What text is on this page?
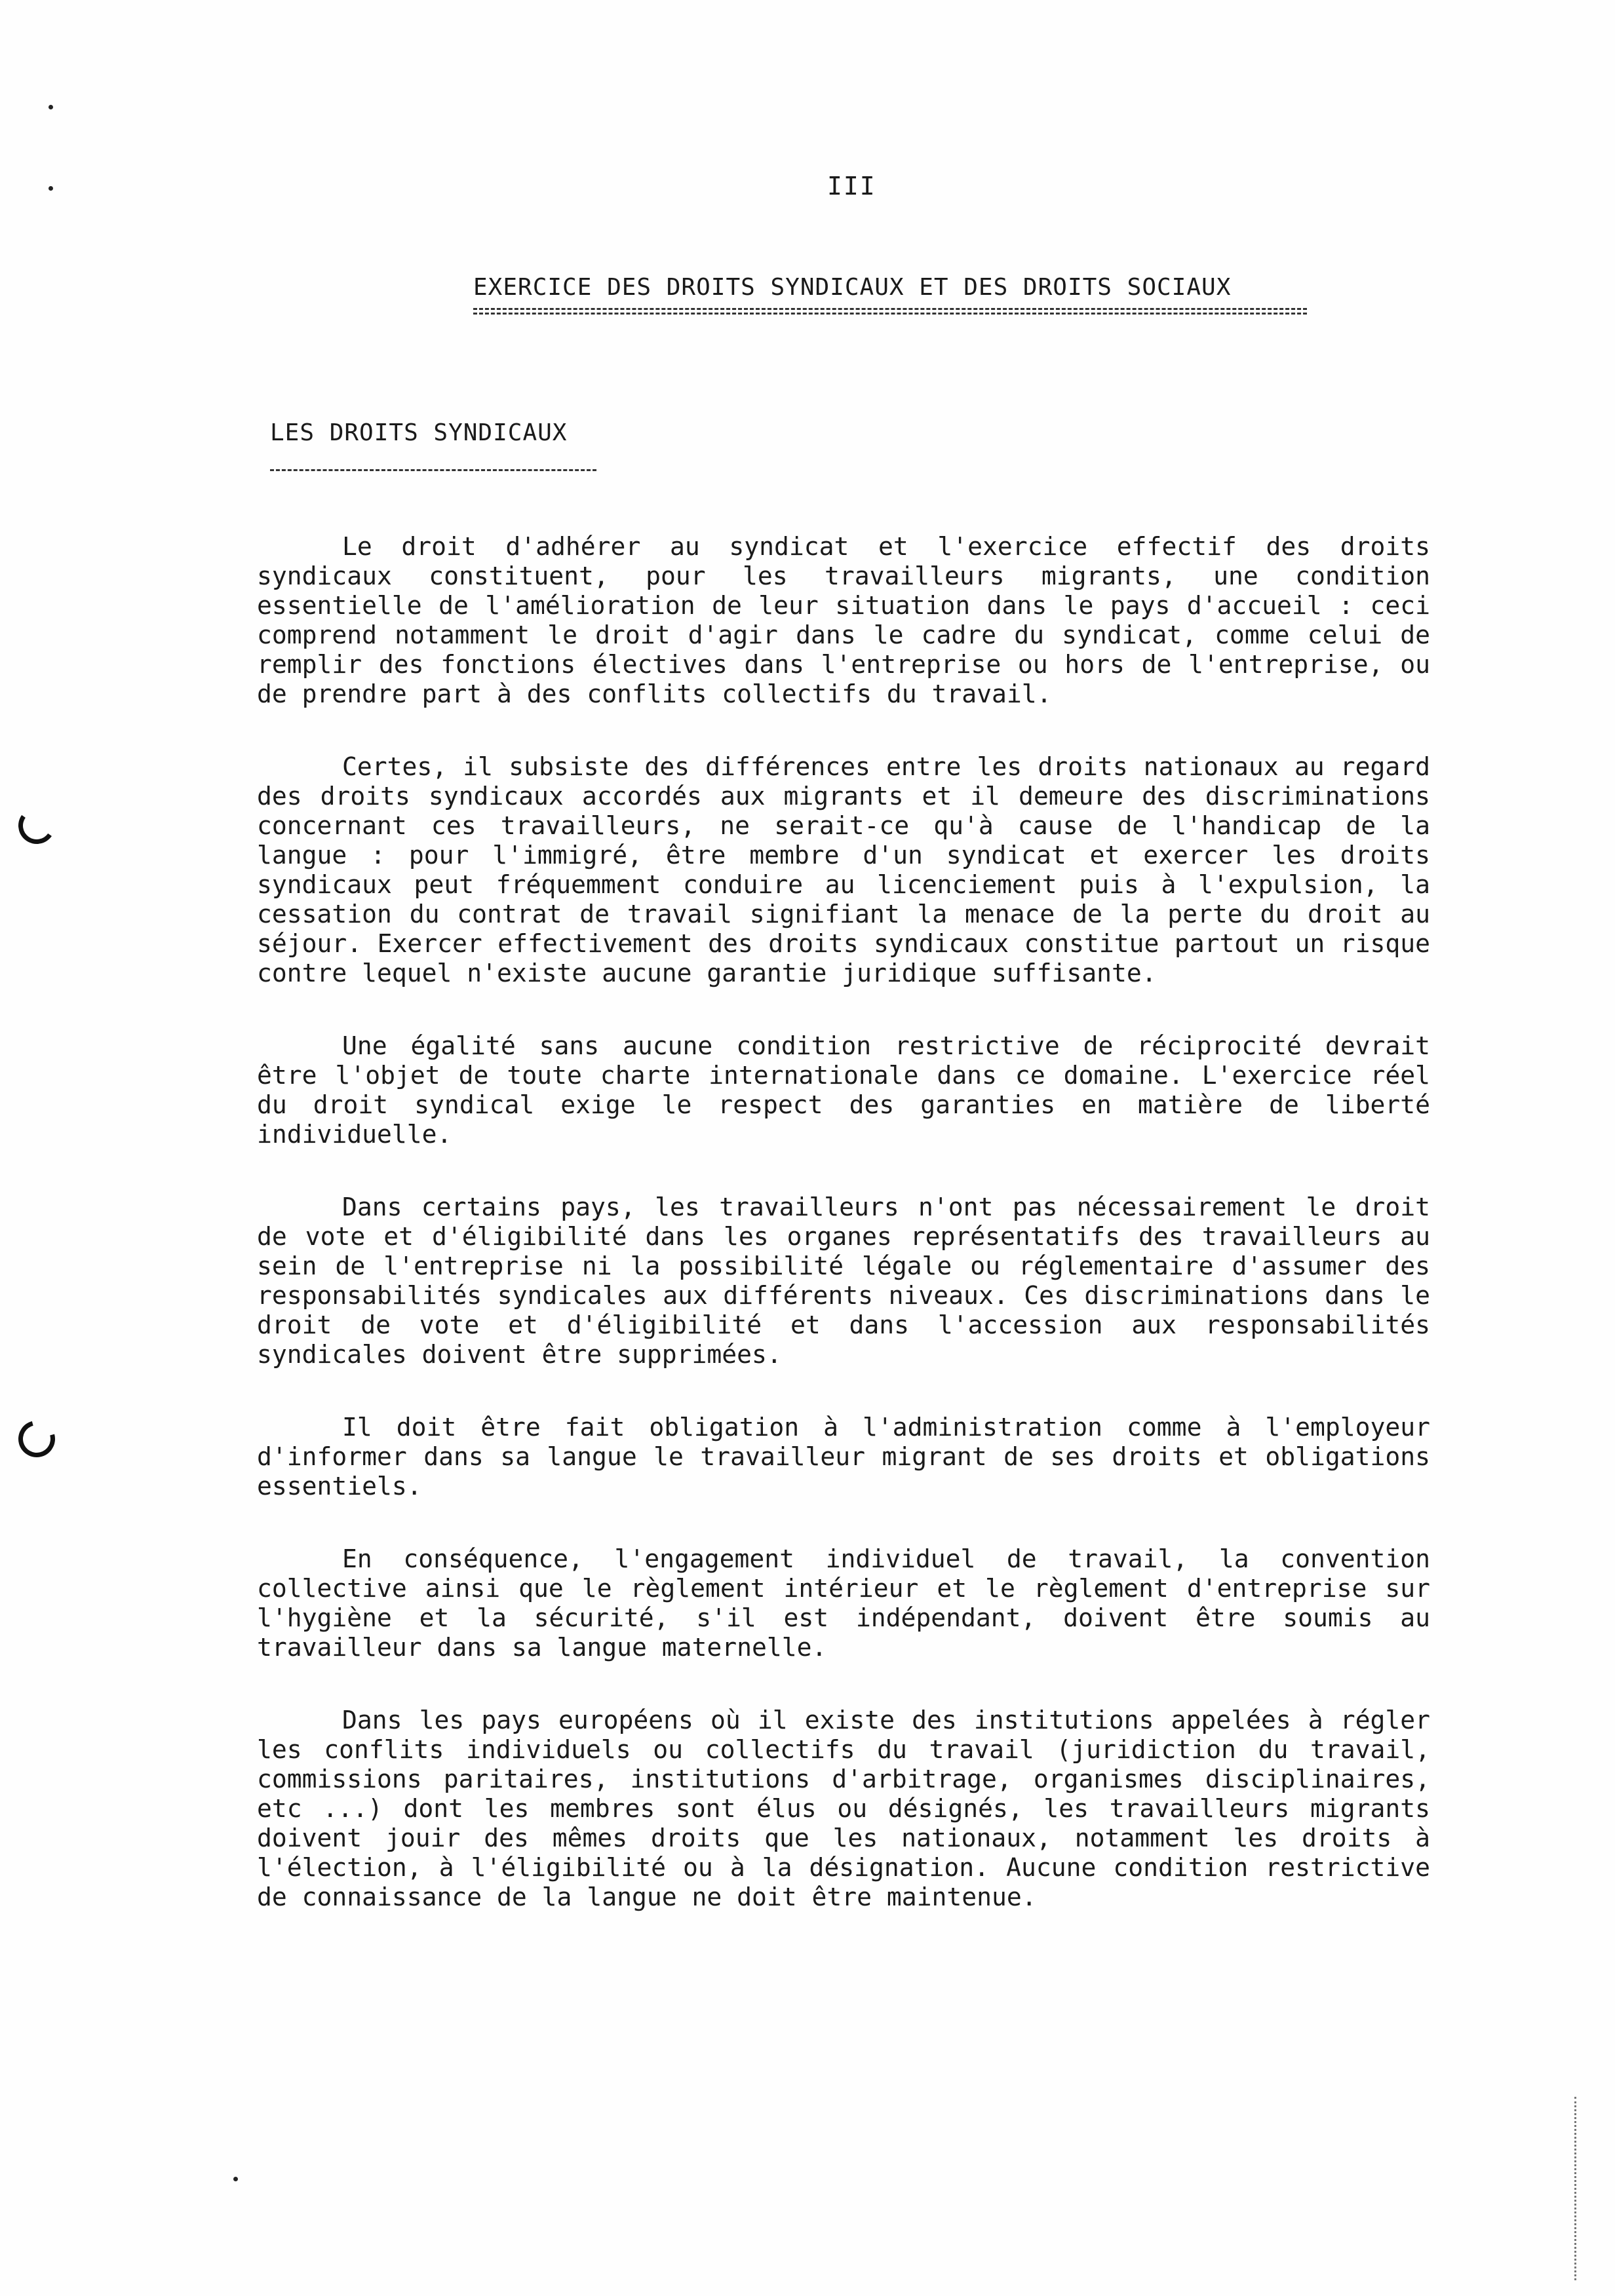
III
EXERCICE DES DROITS SYNDICAUX ET DES DROITS SOCIAUX
LES DROITS SYNDICAUX

Le droit d'adhérer au syndicat et l'exercice effectif des droits syndicaux constituent, pour les travailleurs migrants, une condition essentielle de l'amélioration de leur situation dans le pays d'accueil : ceci comprend notamment le droit d'agir dans le cadre du syndicat, comme celui de remplir des fonctions électives dans l'entreprise ou hors de l'entreprise, ou de prendre part à des conflits collectifs du travail.

Certes, il subsiste des différences entre les droits nationaux au regard des droits syndicaux accordés aux migrants et il demeure des discriminations concernant ces travailleurs, ne serait-ce qu'à cause de l'handicap de la langue : pour l'immigré, être membre d'un syndicat et exercer les droits syndicaux peut fréquemment conduire au licenciement puis à l'expulsion, la cessation du contrat de travail signifiant la menace de la perte du droit au séjour. Exercer effectivement des droits syndicaux constitue partout un risque contre lequel n'existe aucune garantie juridique suffisante.

Une égalité sans aucune condition restrictive de réciprocité devrait être l'objet de toute charte internationale dans ce domaine. L'exercice réel du droit syndical exige le respect des garanties en matière de liberté individuelle.

Dans certains pays, les travailleurs n'ont pas nécessairement le droit de vote et d'éligibilité dans les organes représentatifs des travailleurs au sein de l'entreprise ni la possibilité légale ou réglementaire d'assumer des responsabilités syndicales aux différents niveaux. Ces discriminations dans le droit de vote et d'éligibilité et dans l'accession aux responsabilités syndicales doivent être supprimées.

Il doit être fait obligation à l'administration comme à l'employeur d'informer dans sa langue le travailleur migrant de ses droits et obligations essentiels.

En conséquence, l'engagement individuel de travail, la convention collective ainsi que le règlement intérieur et le règlement d'entreprise sur l'hygiène et la sécurité, s'il est indépendant, doivent être soumis au travailleur dans sa langue maternelle.

Dans les pays européens où il existe des institutions appelées à régler les conflits individuels ou collectifs du travail (juridiction du travail, commissions paritaires, institutions d'arbitrage, organismes disciplinaires, etc ...) dont les membres sont élus ou désignés, les travailleurs migrants doivent jouir des mêmes droits que les nationaux, notamment les droits à l'élection, à l'éligibilité ou à la désignation. Aucune condition restrictive de connaissance de la langue ne doit être maintenue.
